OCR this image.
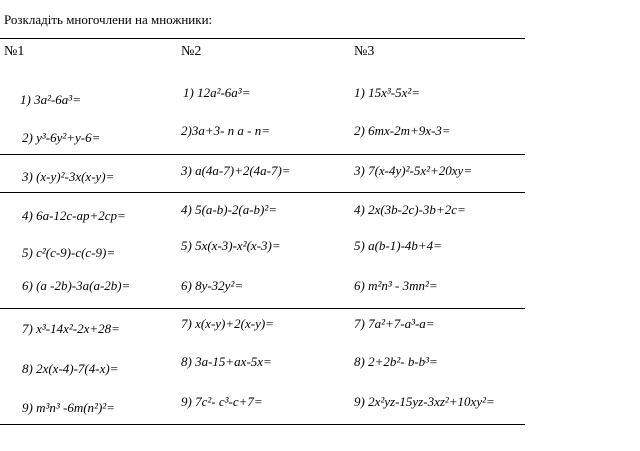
Розкладіть многочлени на множники:
№1	№2	№3
1) 3a²-6a³=	1) 12a²-6a³=	1) 15x³-5x²=
2) y³-6y²+y-6=	2)3a+3- n a - n=	2) 6mx-2m+9x-3=
3) (x-y)²-3x(x-y)=	3) a(4a-7)+2(4a-7)=	3) 7(x-4y)²-5x²+20xy=
4) 6a-12c-ap+2cp=	4) 5(a-b)-2(a-b)²=	4) 2x(3b-2c)-3b+2c=
5) c²(c-9)-c(c-9)=	5) 5x(x-3)-x²(x-3)=	5) a(b-1)-4b+4=
6) (a -2b)-3a(a-2b)=	6) 8y-32y²=	6) m²n³ - 3mn²=
7) x³-14x²-2x+28=	7) x(x-y)+2(x-y)=	7) 7a²+7-a³-a=
8) 2x(x-4)-7(4-x)=	8) 3a-15+ax-5x=	8) 2+2b²- b-b³=
9) m³n³ -6m(n²)²=	9) 7c²- c³-c+7=	9) 2x²yz-15yz-3xz²+10xy²=
